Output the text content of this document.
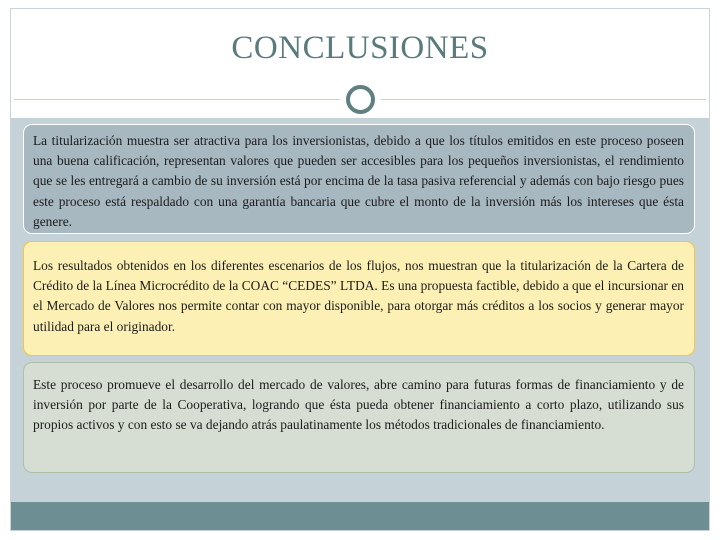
CONCLUSIONES

La titularización muestra ser atractiva para los inversionistas, debido a que los títulos emitidos en este proceso poseen una buena calificación, representan valores que pueden ser accesibles para los pequeños inversionistas, el rendimiento que se les entregará a cambio de su inversión está por encima de la tasa pasiva referencial y además con bajo riesgo pues este proceso está respaldado con una garantía bancaria que cubre el monto de la inversión más los intereses que ésta genere.

Los resultados obtenidos en los diferentes escenarios de los flujos, nos muestran que la titularización de la Cartera de Crédito de la Línea Microcrédito de la COAC “CEDES” LTDA. Es una propuesta factible, debido a que el incursionar en el Mercado de Valores nos permite contar con mayor disponible, para otorgar más créditos a los socios y generar mayor utilidad para el originador.

Este proceso promueve el desarrollo del mercado de valores, abre camino para futuras formas de financiamiento y de inversión por parte de la Cooperativa, logrando que ésta pueda obtener financiamiento a corto plazo, utilizando sus propios activos y con esto se va dejando atrás paulatinamente los métodos tradicionales de financiamiento.
